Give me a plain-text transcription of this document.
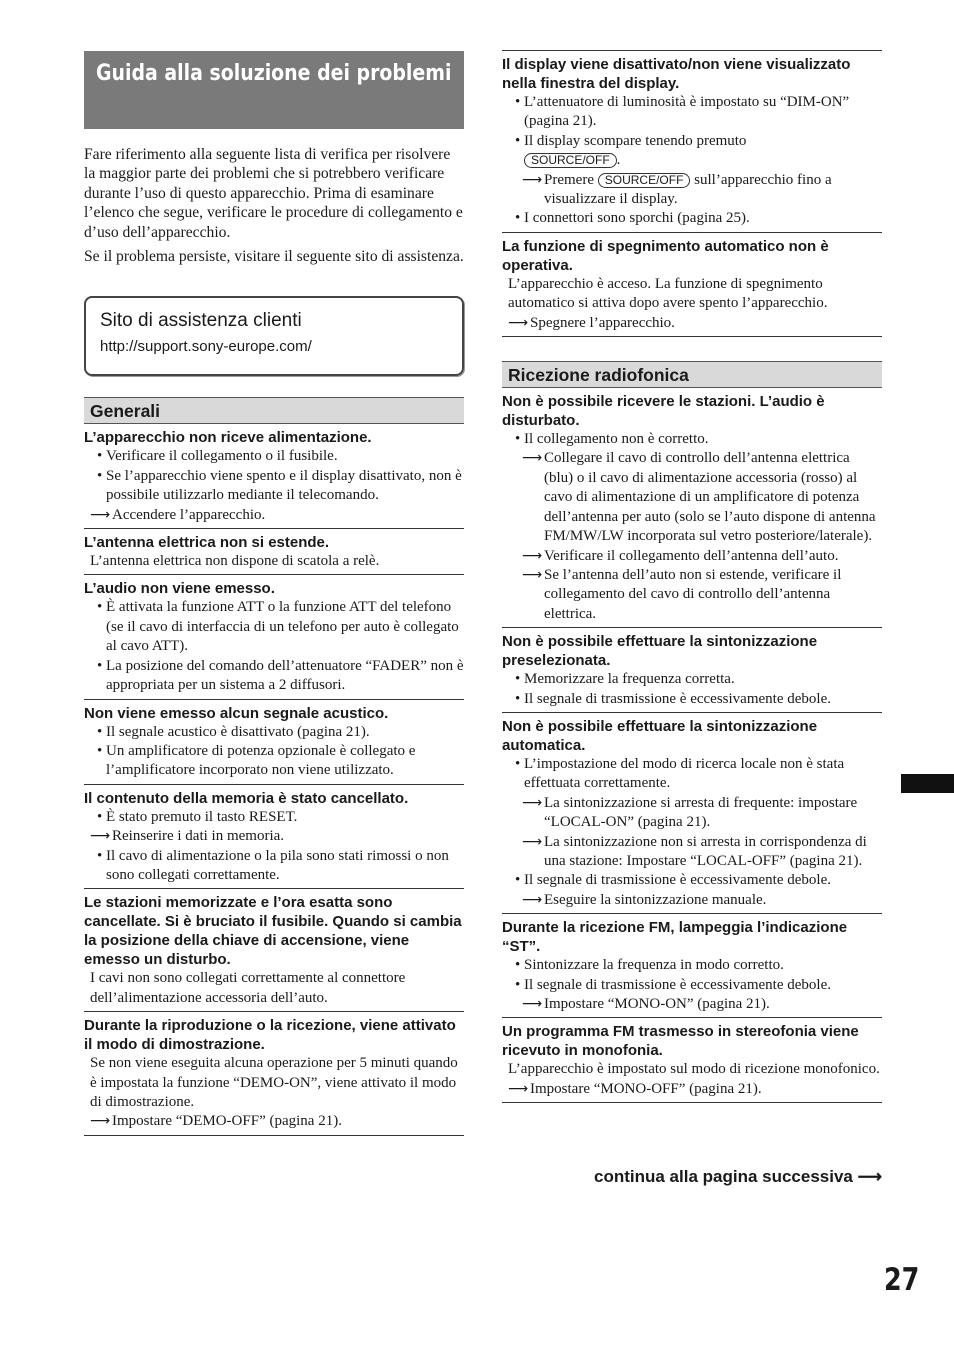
Guida alla soluzione dei problemi

Fare riferimento alla seguente lista di verifica per risolvere la maggior parte dei problemi che si potrebbero verificare durante l’uso di questo apparecchio. Prima di esaminare l’elenco che segue, verificare le procedure di collegamento e d’uso dell’apparecchio.

Se il problema persiste, visitare il seguente sito di assistenza.

Sito di assistenza clienti
http://support.sony-europe.com/
Generali
L’apparecchio non riceve alimentazione.
• Verificare il collegamento o il fusibile.
• Se l’apparecchio viene spento e il display disattivato, non è possibile utilizzarlo mediante il telecomando.
⟶ Accendere l’apparecchio.
L’antenna elettrica non si estende.
L’antenna elettrica non dispone di scatola a relè.
L’audio non viene emesso.
• È attivata la funzione ATT o la funzione ATT del telefono (se il cavo di interfaccia di un telefono per auto è collegato al cavo ATT).
• La posizione del comando dell’attenuatore “FADER” non è appropriata per un sistema a 2 diffusori.
Non viene emesso alcun segnale acustico.
• Il segnale acustico è disattivato (pagina 21).
• Un amplificatore di potenza opzionale è collegato e l’amplificatore incorporato non viene utilizzato.
Il contenuto della memoria è stato cancellato.
• È stato premuto il tasto RESET.
⟶ Reinserire i dati in memoria.
• Il cavo di alimentazione o la pila sono stati rimossi o non sono collegati correttamente.
Le stazioni memorizzate e l’ora esatta sono cancellate. Si è bruciato il fusibile. Quando si cambia la posizione della chiave di accensione, viene emesso un disturbo.
I cavi non sono collegati correttamente al connettore dell’alimentazione accessoria dell’auto.
Durante la riproduzione o la ricezione, viene attivato il modo di dimostrazione.
Se non viene eseguita alcuna operazione per 5 minuti quando è impostata la funzione “DEMO-ON”, viene attivato il modo di dimostrazione.
⟶ Impostare “DEMO-OFF” (pagina 21).
Il display viene disattivato/non viene visualizzato nella finestra del display.
• L’attenuatore di luminosità è impostato su “DIM-ON” (pagina 21).
• Il display scompare tenendo premuto
SOURCE/OFF .
⟶ Premere SOURCE/OFF sull’apparecchio fino a visualizzare il display.
• I connettori sono sporchi (pagina 25).
La funzione di spegnimento automatico non è operativa.
L’apparecchio è acceso. La funzione di spegnimento automatico si attiva dopo avere spento l’apparecchio.
⟶ Spegnere l’apparecchio.
Ricezione radiofonica
Non è possibile ricevere le stazioni. L’audio è disturbato.
• Il collegamento non è corretto.
⟶ Collegare il cavo di controllo dell’antenna elettrica (blu) o il cavo di alimentazione accessoria (rosso) al cavo di alimentazione di un amplificatore di potenza dell’antenna per auto (solo se l’auto dispone di antenna FM/MW/LW incorporata sul vetro posteriore/laterale).
⟶ Verificare il collegamento dell’antenna dell’auto.
⟶ Se l’antenna dell’auto non si estende, verificare il collegamento del cavo di controllo dell’antenna elettrica.
Non è possibile effettuare la sintonizzazione preselezionata.
• Memorizzare la frequenza corretta.
• Il segnale di trasmissione è eccessivamente debole.
Non è possibile effettuare la sintonizzazione automatica.
• L’impostazione del modo di ricerca locale non è stata effettuata correttamente.
⟶ La sintonizzazione si arresta di frequente: impostare “LOCAL-ON” (pagina 21).
⟶ La sintonizzazione non si arresta in corrispondenza di una stazione: Impostare “LOCAL-OFF” (pagina 21).
• Il segnale di trasmissione è eccessivamente debole.
⟶ Eseguire la sintonizzazione manuale.
Durante la ricezione FM, lampeggia l’indicazione “ST”.
• Sintonizzare la frequenza in modo corretto.
• Il segnale di trasmissione è eccessivamente debole.
⟶ Impostare “MONO-ON” (pagina 21).
Un programma FM trasmesso in stereofonia viene ricevuto in monofonia.
L’apparecchio è impostato sul modo di ricezione monofonico.
⟶ Impostare “MONO-OFF” (pagina 21).
continua alla pagina successiva ⟶
27
